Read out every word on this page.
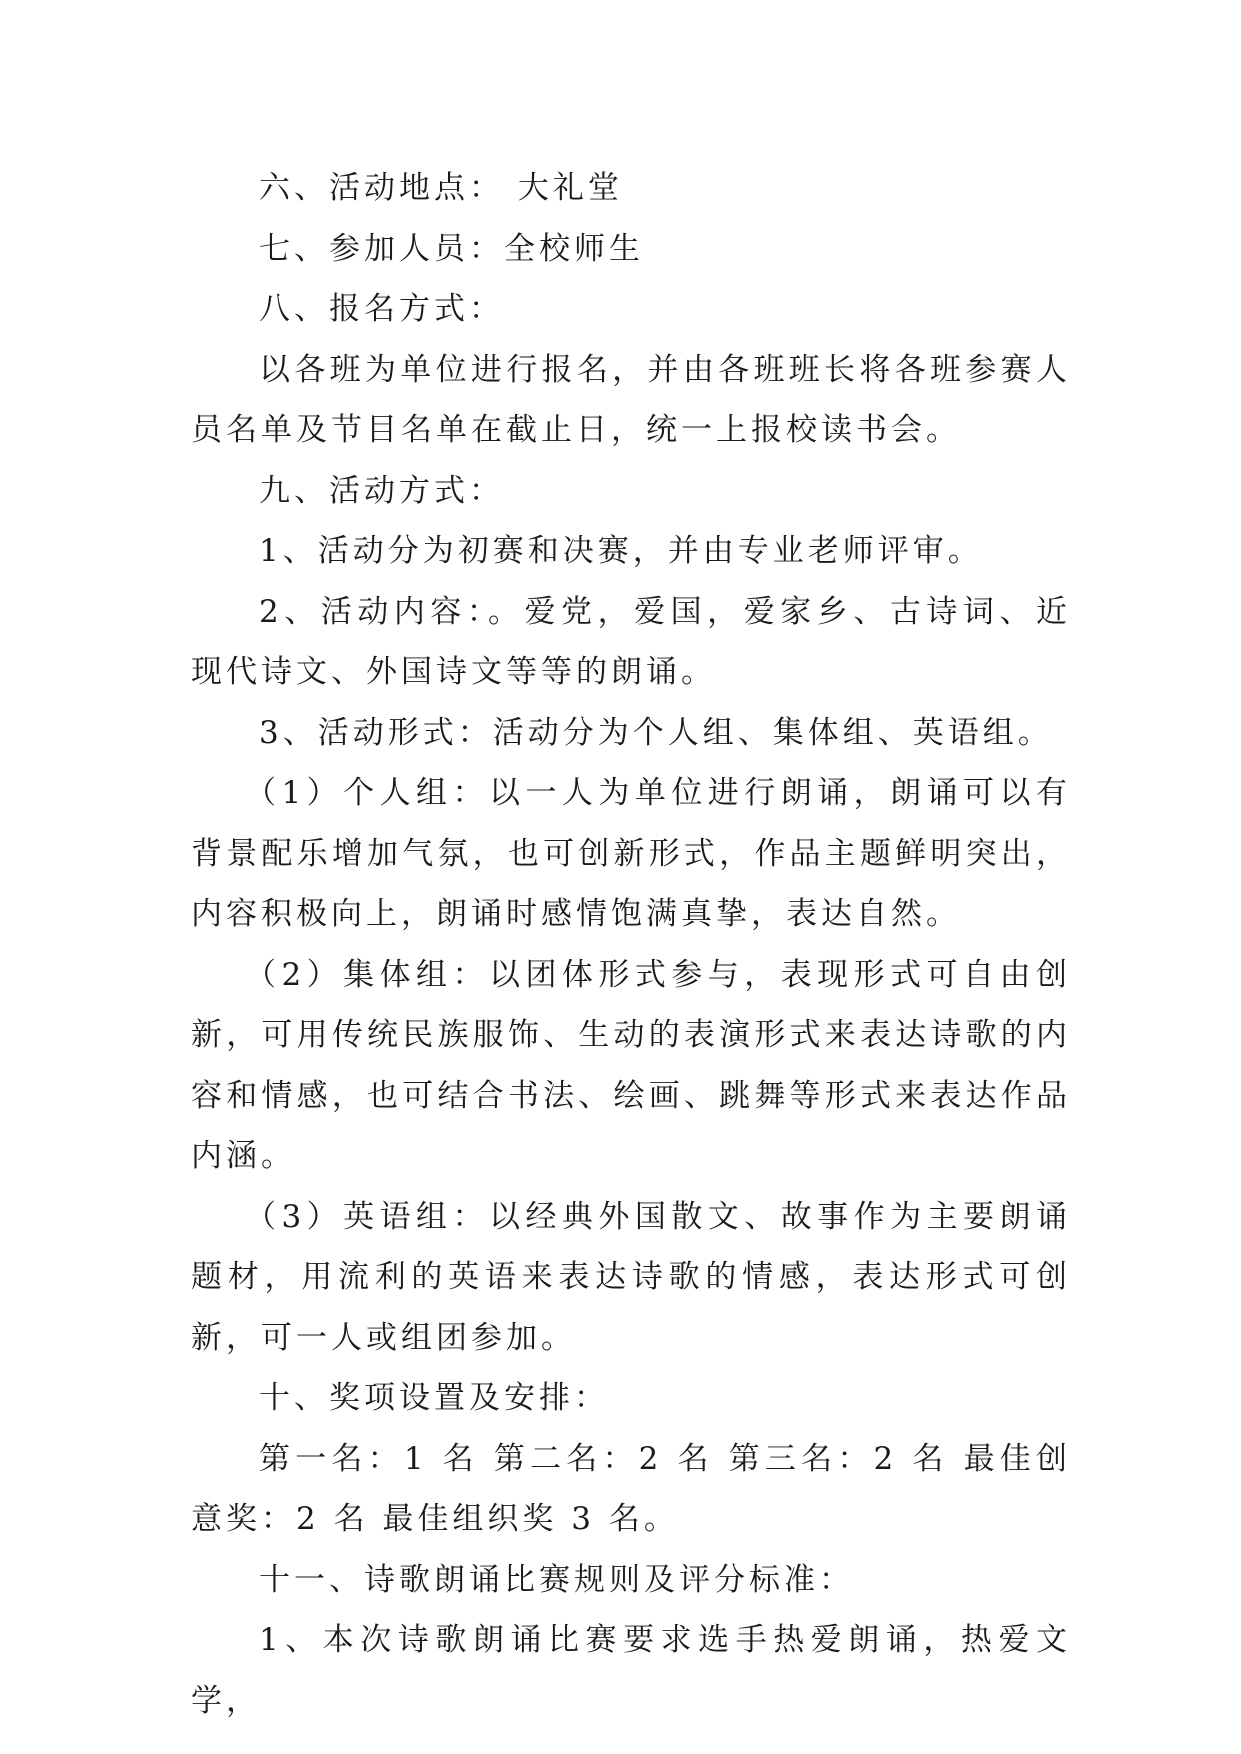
六、活动地点： 大礼堂

七、参加人员：全校师生

八、报名方式：

以各班为单位进行报名，并由各班班长将各班参赛人员名单及节目名单在截止日，统一上报校读书会。

九、活动方式：

1、活动分为初赛和决赛，并由专业老师评审。

2、活动内容：。爱党，爱国，爱家乡、古诗词、近现代诗文、外国诗文等等的朗诵。

3、活动形式：活动分为个人组、集体组、英语组。

（1）个人组：以一人为单位进行朗诵，朗诵可以有背景配乐增加气氛，也可创新形式，作品主题鲜明突出，内容积极向上，朗诵时感情饱满真挚，表达自然。

（2）集体组：以团体形式参与，表现形式可自由创新，可用传统民族服饰、生动的表演形式来表达诗歌的内容和情感，也可结合书法、绘画、跳舞等形式来表达作品内涵。

（3）英语组：以经典外国散文、故事作为主要朗诵题材，用流利的英语来表达诗歌的情感，表达形式可创新，可一人或组团参加。

十、奖项设置及安排：

第一名：1 名 第二名：2 名 第三名：2 名 最佳创意奖：2 名 最佳组织奖 3 名。

十一、诗歌朗诵比赛规则及评分标准：

1、本次诗歌朗诵比赛要求选手热爱朗诵，热爱文学，
